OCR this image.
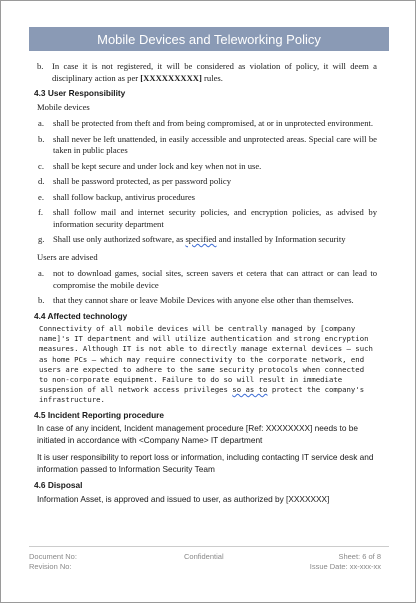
Mobile Devices and Teleworking Policy
b. In case it is not registered, it will be considered as violation of policy, it will deem a disciplinary action as per [XXXXXXXXX] rules.
4.3 User Responsibility
Mobile devices
a.	shall be protected from theft and from being compromised, at or in unprotected environment.
b. shall never be left unattended, in easily accessible and unprotected areas. Special care will be taken in public places
c.	shall be kept secure and under lock and key when not in use.
d. shall be password protected, as per password policy
e.	shall follow backup, antivirus procedures
f.	shall follow mail and internet security policies, and encryption policies, as advised by information security department
g. Shall use only authorized software, as specified and installed by Information security
Users are advised
a.	not to download games, social sites, screen savers et cetera that can attract or can lead to compromise the mobile device
b. that they cannot share or leave Mobile Devices with anyone else other than themselves.
4.4 Affected technology
Connectivity of all mobile devices will be centrally managed by [company name]'s IT department and will utilize authentication and strong encryption measures. Although IT is not able to directly manage external devices – such as home PCs – which may require connectivity to the corporate network, end users are expected to adhere to the same security protocols when connected to non-corporate equipment. Failure to do so will result in immediate suspension of all network access privileges so as to protect the company's infrastructure.
4.5 Incident Reporting procedure
In case of any incident, Incident management procedure [Ref: XXXXXXXX] needs to be initiated in accordance with <Company Name> IT department
It is user responsibility to report loss or information, including contacting IT service desk and information passed to Information Security Team
4.6 Disposal
Information Asset, is approved and issued to user, as authorized by [XXXXXXX]
Document No:	Sheet: 6 of 8
Revision No:	Issue Date: xx-xxx-xx
Confidential
